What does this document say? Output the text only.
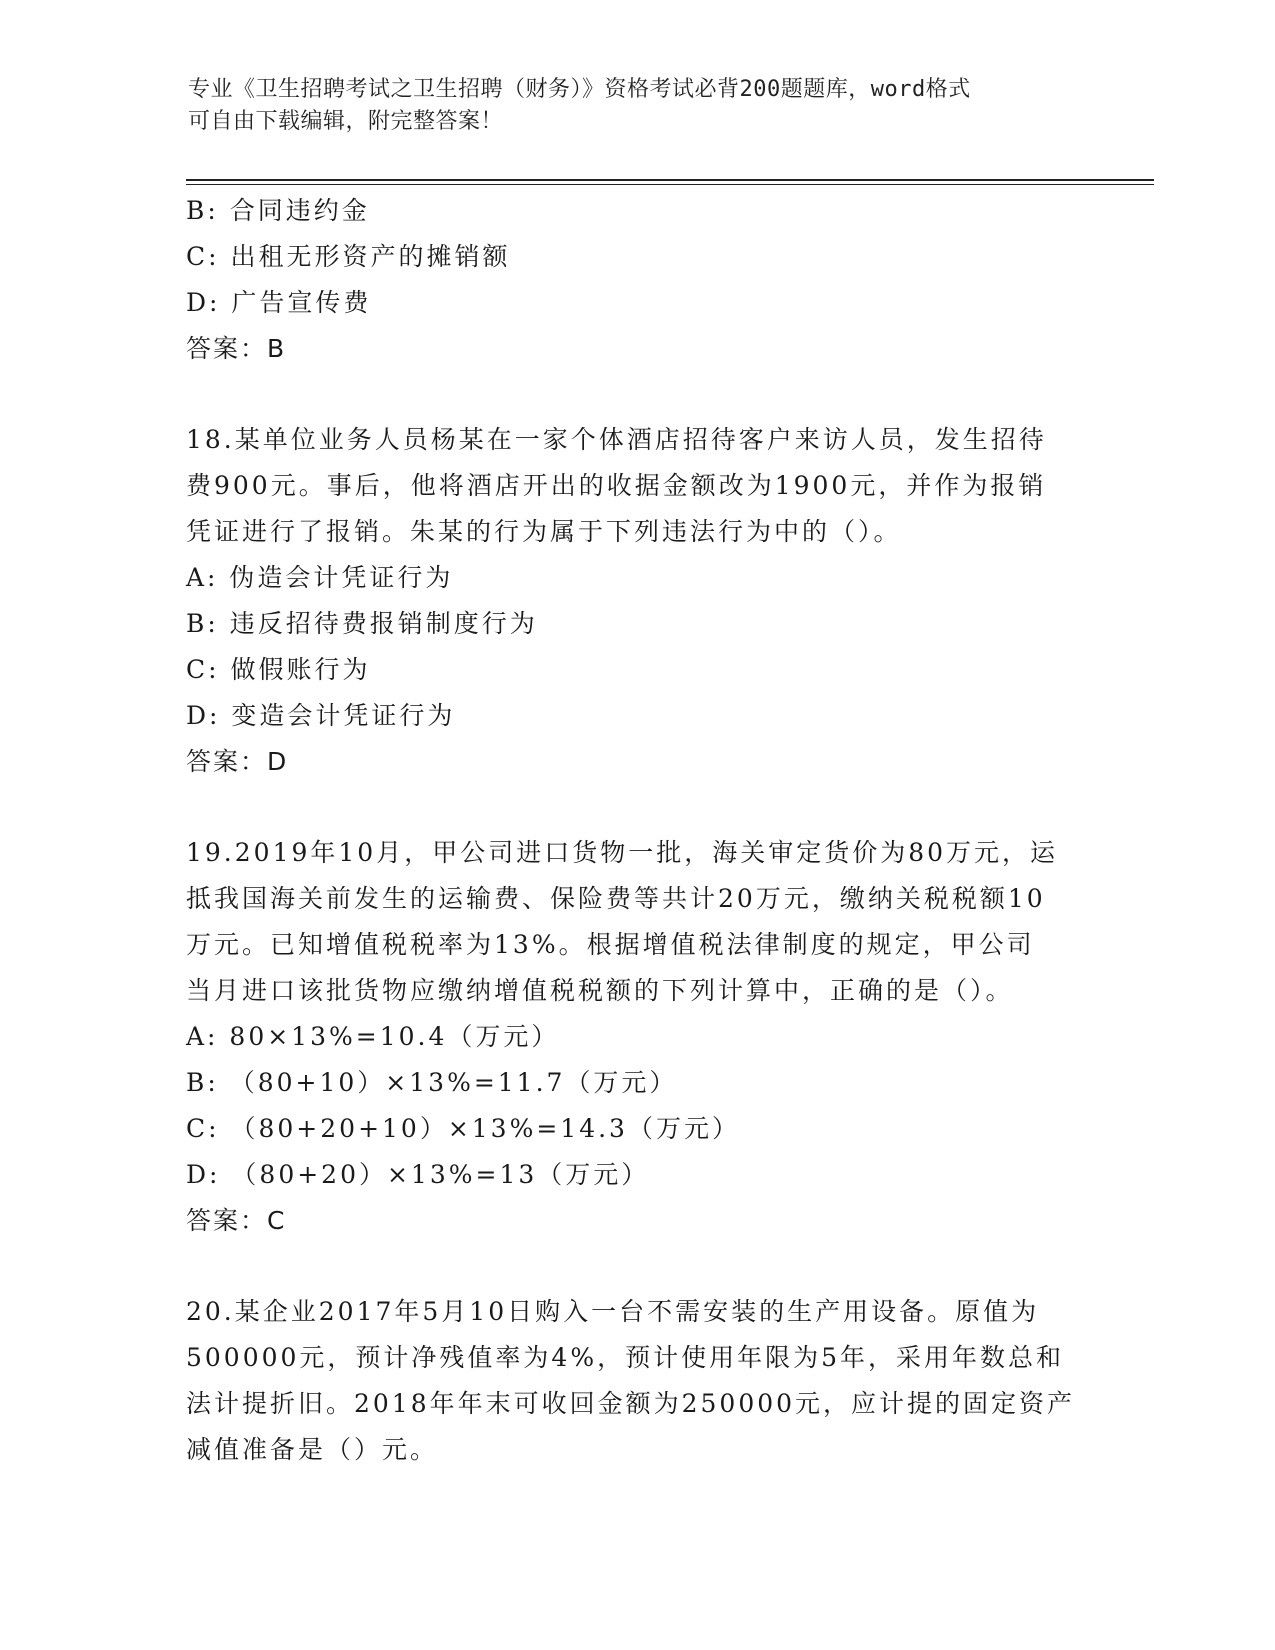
专业《卫生招聘考试之卫生招聘（财务）》资格考试必背200题题库，word格式
可自由下载编辑，附完整答案！
B: 合同违约金
C: 出租无形资产的摊销额
D: 广告宣传费
答案：B
18.某单位业务人员杨某在一家个体酒店招待客户来访人员，发生招待
费900元。事后，他将酒店开出的收据金额改为1900元，并作为报销
凭证进行了报销。朱某的行为属于下列违法行为中的（）。
A: 伪造会计凭证行为
B: 违反招待费报销制度行为
C: 做假账行为
D: 变造会计凭证行为
答案：D
19.2019年10月，甲公司进口货物一批，海关审定货价为80万元，运
抵我国海关前发生的运输费、保险费等共计20万元，缴纳关税税额10
万元。已知增值税税率为13%。根据增值税法律制度的规定，甲公司
当月进口该批货物应缴纳增值税税额的下列计算中，正确的是（）。
A: 80×13%=10.4（万元）
B: （80+10）×13%=11.7（万元）
C: （80+20+10）×13%=14.3（万元）
D: （80+20）×13%=13（万元）
答案：C
20.某企业2017年5月10日购入一台不需安装的生产用设备。原值为
500000元，预计净残值率为4%，预计使用年限为5年，采用年数总和
法计提折旧。2018年年末可收回金额为250000元，应计提的固定资产
减值准备是（）元。
